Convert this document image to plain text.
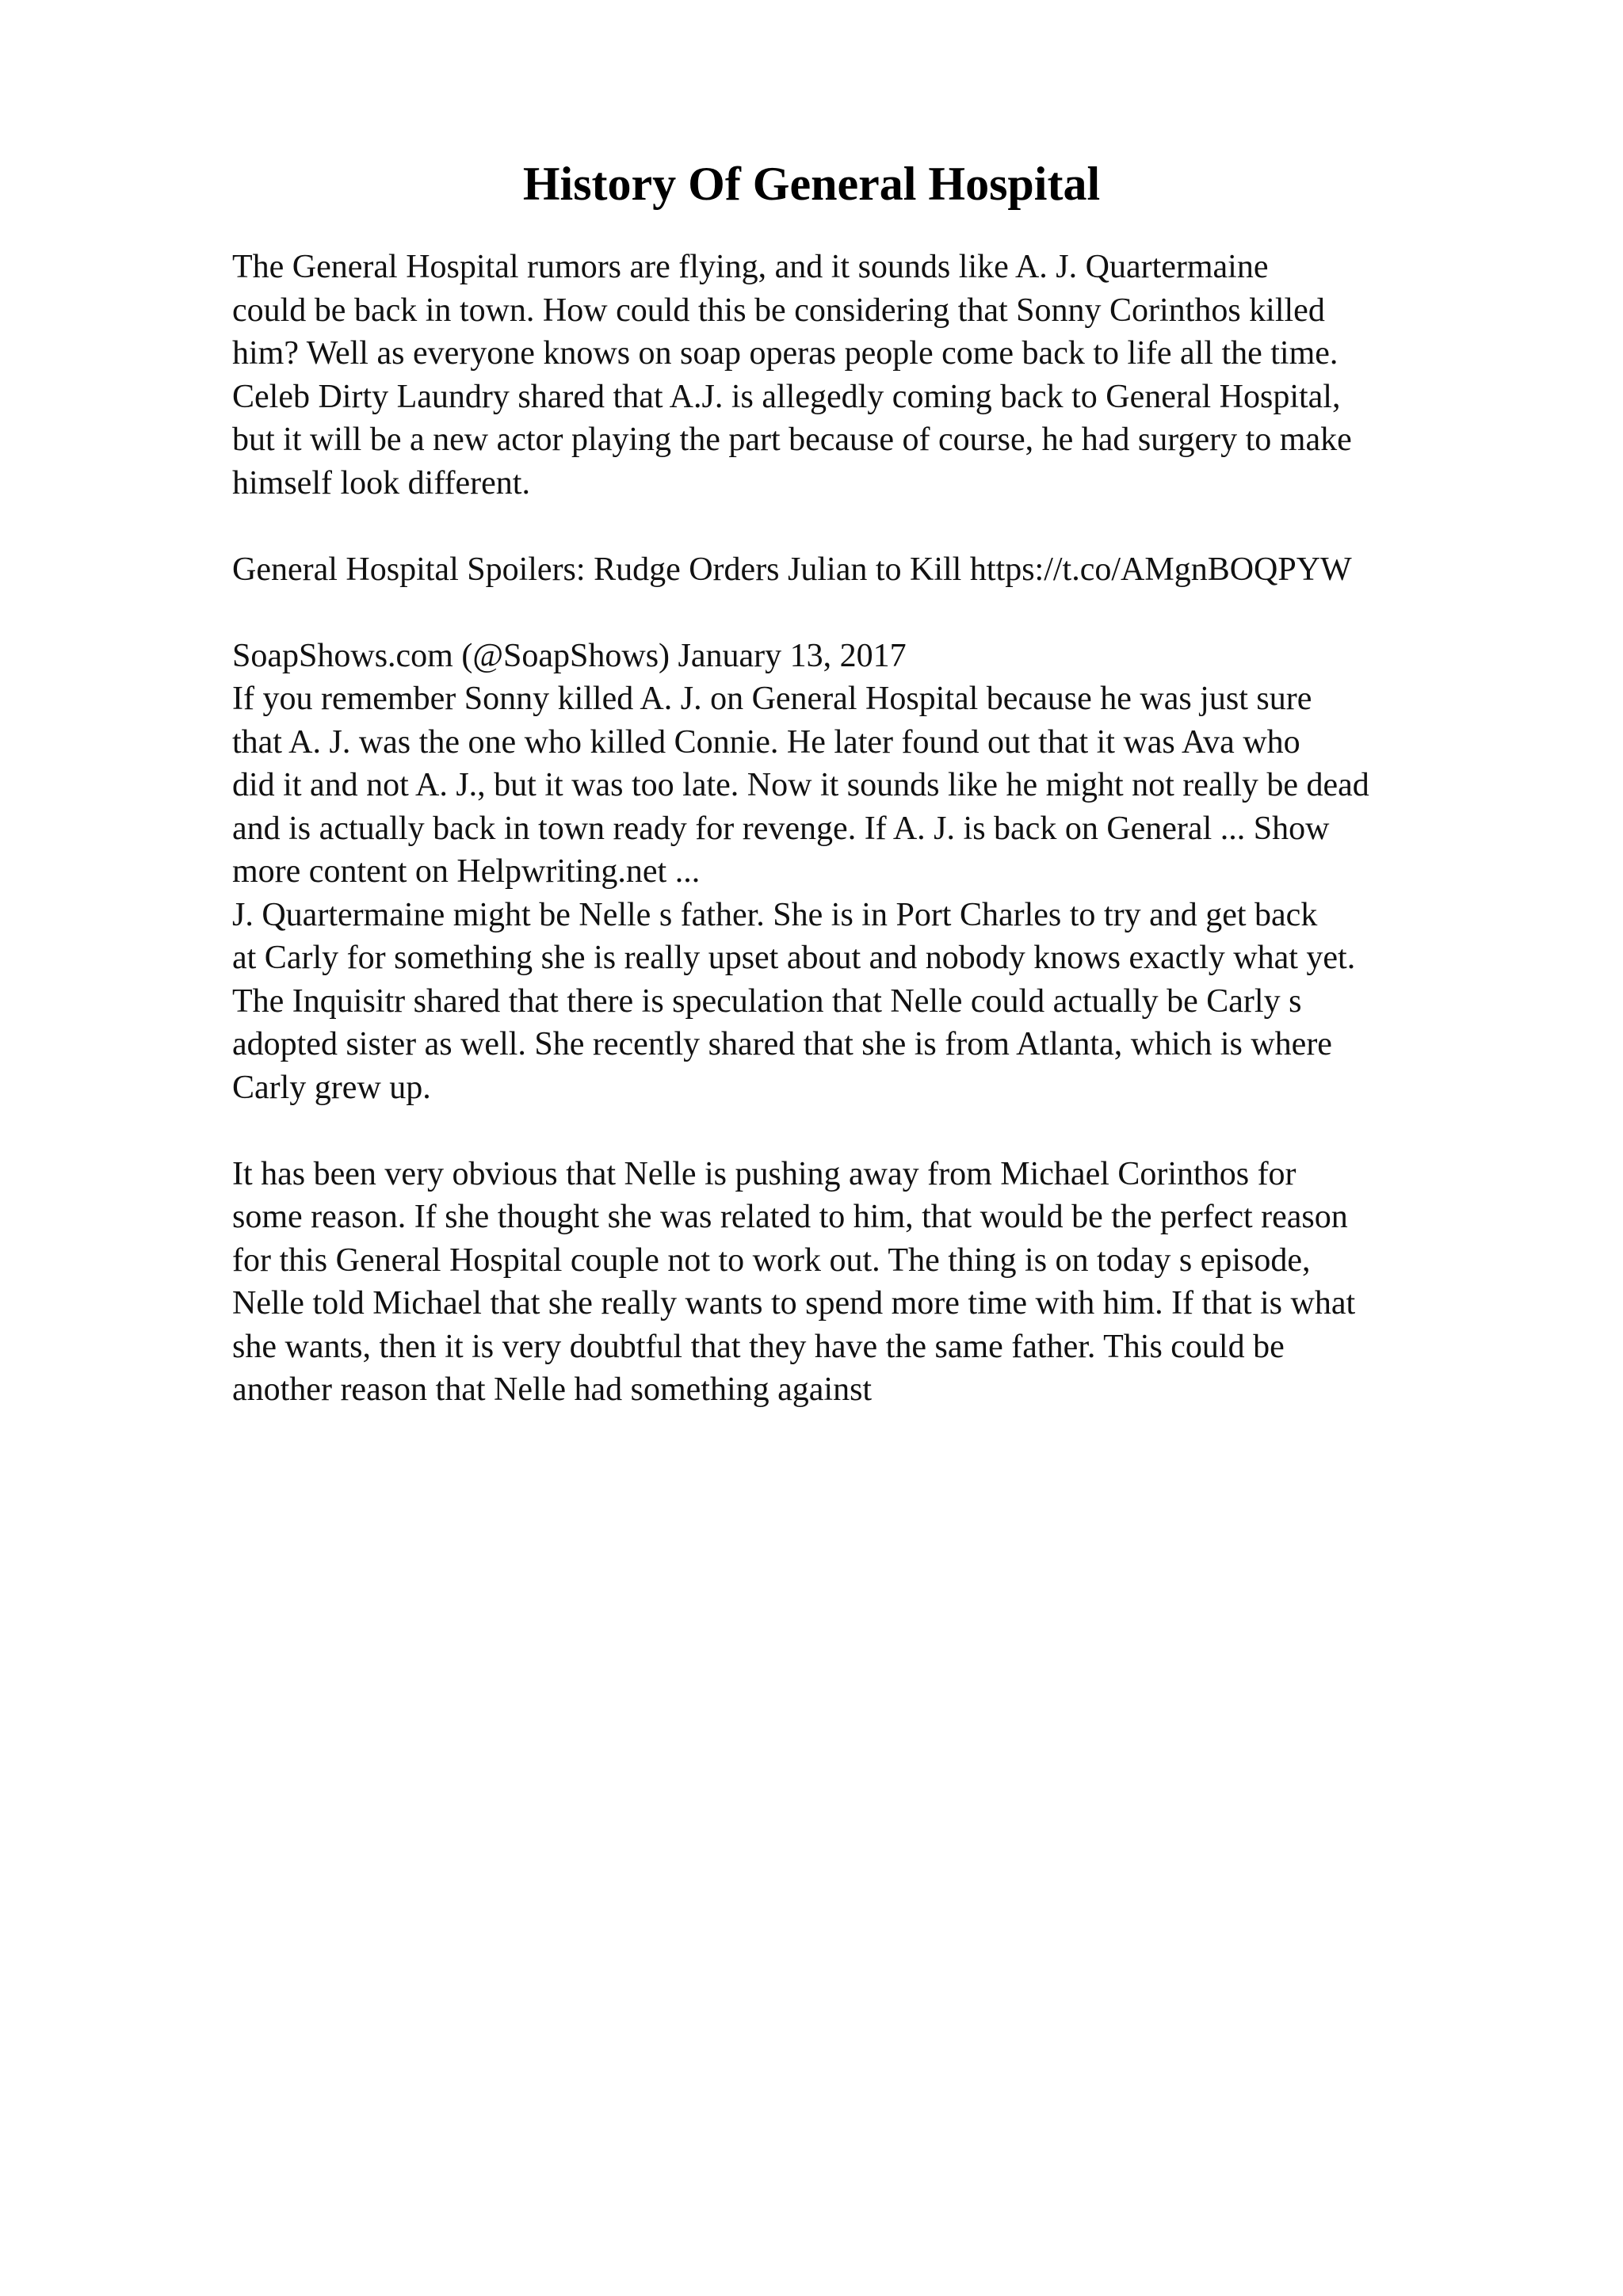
History Of General Hospital
The General Hospital rumors are flying, and it sounds like A. J. Quartermaine
could be back in town. How could this be considering that Sonny Corinthos killed
him? Well as everyone knows on soap operas people come back to life all the time.
Celeb Dirty Laundry shared that A.J. is allegedly coming back to General Hospital,
but it will be a new actor playing the part because of course, he had surgery to make
himself look different.
General Hospital Spoilers: Rudge Orders Julian to Kill https://t.co/AMgnBOQPYW
SoapShows.com (@SoapShows) January 13, 2017
If you remember Sonny killed A. J. on General Hospital because he was just sure
that A. J. was the one who killed Connie. He later found out that it was Ava who
did it and not A. J., but it was too late. Now it sounds like he might not really be dead
and is actually back in town ready for revenge. If A. J. is back on General ... Show
more content on Helpwriting.net ...
J. Quartermaine might be Nelle s father. She is in Port Charles to try and get back
at Carly for something she is really upset about and nobody knows exactly what yet.
The Inquisitr shared that there is speculation that Nelle could actually be Carly s
adopted sister as well. She recently shared that she is from Atlanta, which is where
Carly grew up.
It has been very obvious that Nelle is pushing away from Michael Corinthos for
some reason. If she thought she was related to him, that would be the perfect reason
for this General Hospital couple not to work out. The thing is on today s episode,
Nelle told Michael that she really wants to spend more time with him. If that is what
she wants, then it is very doubtful that they have the same father. This could be
another reason that Nelle had something against
